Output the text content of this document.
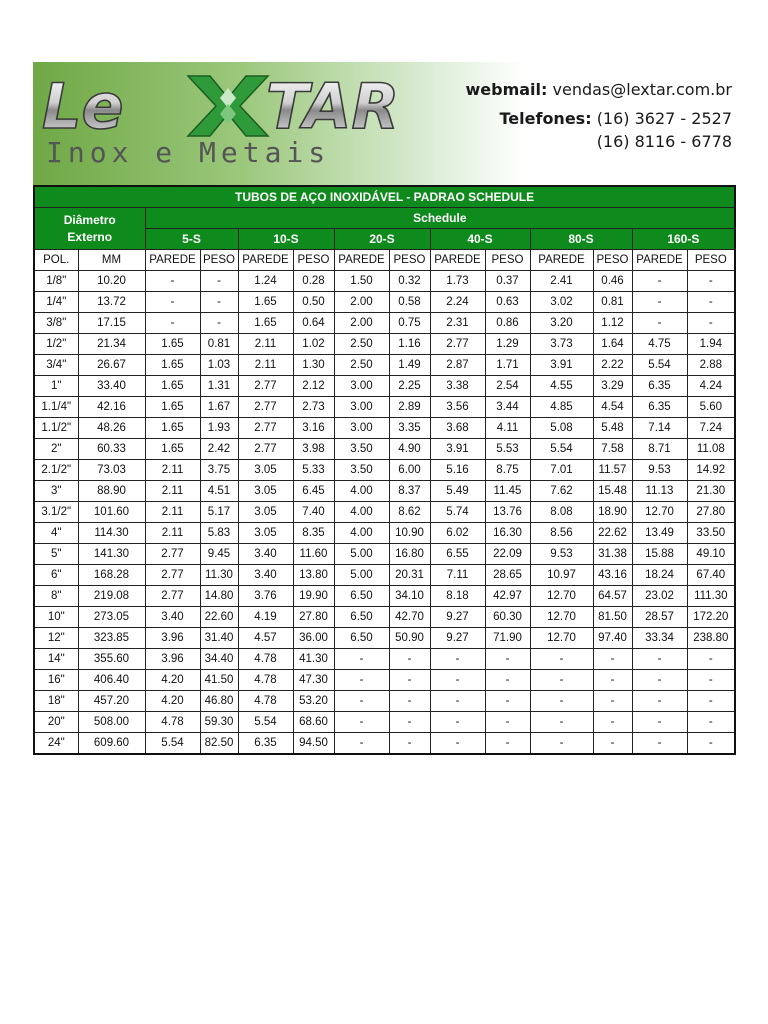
Le TAR
Inox e Metais
webmail: vendas@lextar.com.br
Telefones: (16) 3627 - 2527
(16) 8116 - 6778
TUBOS DE AÇO INOXIDÁVEL - PADRAO SCHEDULE													
Diâmetro
Externo		Schedule											
		5-S		10-S		20-S		40-S		80-S		160-S	
POL.	MM	PAREDE	PESO	PAREDE	PESO	PAREDE	PESO	PAREDE	PESO	PAREDE	PESO	PAREDE	PESO
1/8"	10.20	-	-	1.24	0.28	1.50	0.32	1.73	0.37	2.41	0.46	-	-
1/4"	13.72	-	-	1.65	0.50	2.00	0.58	2.24	0.63	3.02	0.81	-	-
3/8"	17.15	-	-	1.65	0.64	2.00	0.75	2.31	0.86	3.20	1.12	-	-
1/2"	21.34	1.65	0.81	2.11	1.02	2.50	1.16	2.77	1.29	3.73	1.64	4.75	1.94
3/4"	26.67	1.65	1.03	2.11	1.30	2.50	1.49	2.87	1.71	3.91	2.22	5.54	2.88
1"	33.40	1.65	1.31	2.77	2.12	3.00	2.25	3.38	2.54	4.55	3.29	6.35	4.24
1.1/4"	42.16	1.65	1.67	2.77	2.73	3.00	2.89	3.56	3.44	4.85	4.54	6.35	5.60
1.1/2"	48.26	1.65	1.93	2.77	3.16	3.00	3.35	3.68	4.11	5.08	5.48	7.14	7.24
2"	60.33	1.65	2.42	2.77	3.98	3.50	4.90	3.91	5.53	5.54	7.58	8.71	11.08
2.1/2"	73.03	2.11	3.75	3.05	5.33	3.50	6.00	5.16	8.75	7.01	11.57	9.53	14.92
3"	88.90	2.11	4.51	3.05	6.45	4.00	8.37	5.49	11.45	7.62	15.48	11.13	21.30
3.1/2"	101.60	2.11	5.17	3.05	7.40	4.00	8.62	5.74	13.76	8.08	18.90	12.70	27.80
4"	114.30	2.11	5.83	3.05	8.35	4.00	10.90	6.02	16.30	8.56	22.62	13.49	33.50
5"	141.30	2.77	9.45	3.40	11.60	5.00	16.80	6.55	22.09	9.53	31.38	15.88	49.10
6"	168.28	2.77	11.30	3.40	13.80	5.00	20.31	7.11	28.65	10.97	43.16	18.24	67.40
8"	219.08	2.77	14.80	3.76	19.90	6.50	34.10	8.18	42.97	12.70	64.57	23.02	111.30
10"	273.05	3.40	22.60	4.19	27.80	6.50	42.70	9.27	60.30	12.70	81.50	28.57	172.20
12"	323.85	3.96	31.40	4.57	36.00	6.50	50.90	9.27	71.90	12.70	97.40	33.34	238.80
14"	355.60	3.96	34.40	4.78	41.30	-	-	-	-	-	-	-	-
16"	406.40	4.20	41.50	4.78	47.30	-	-	-	-	-	-	-	-
18"	457.20	4.20	46.80	4.78	53.20	-	-	-	-	-	-	-	-
20"	508.00	4.78	59.30	5.54	68.60	-	-	-	-	-	-	-	-
24"	609.60	5.54	82.50	6.35	94.50	-	-	-	-	-	-	-	-
